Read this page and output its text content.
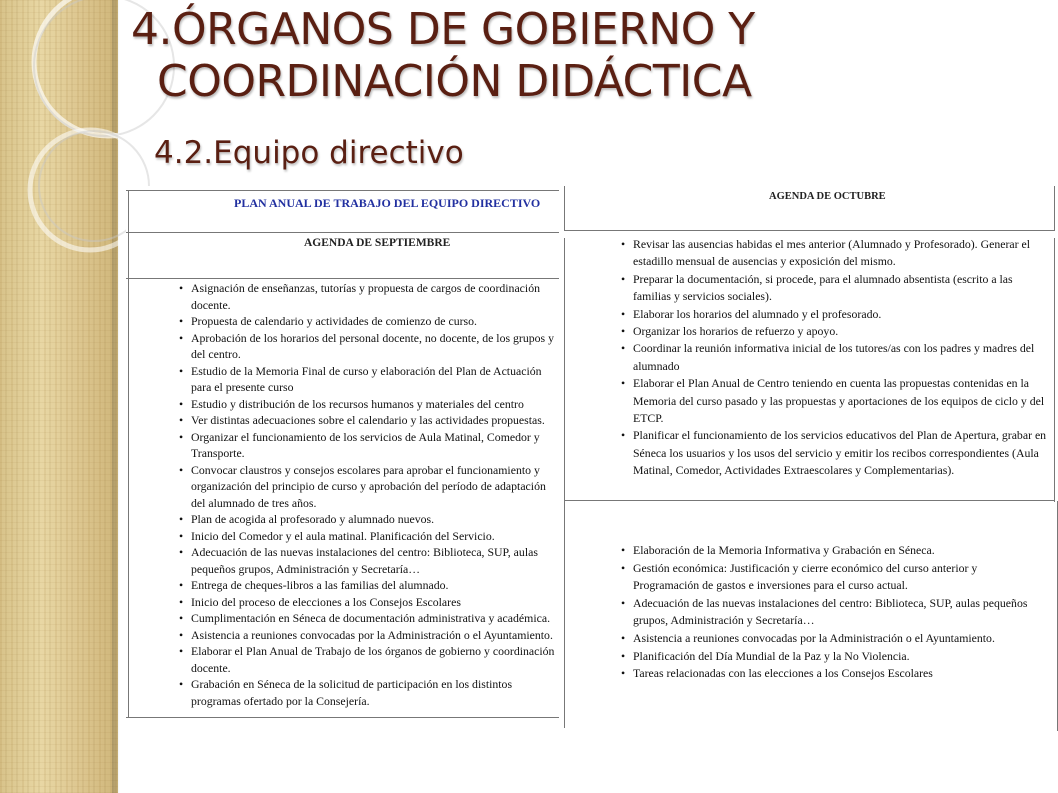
4.ÓRGANOS DE GOBIERNO Y
COORDINACIÓN DIDÁCTICA
4.2.Equipo directivo
PLAN ANUAL DE TRABAJO DEL EQUIPO DIRECTIVO
AGENDA DE SEPTIEMBRE
AGENDA DE OCTUBRE
• Asignación de enseñanzas, tutorías y propuesta de cargos de coordinación docente.
• Propuesta de calendario y actividades de comienzo de curso.
• Aprobación de los horarios del personal docente, no docente, de los grupos y del centro.
• Estudio de la Memoria Final de curso y elaboración del Plan de Actuación para el presente curso
• Estudio y distribución de los recursos humanos y materiales del centro
• Ver distintas adecuaciones sobre el calendario y las actividades propuestas.
• Organizar el funcionamiento de los servicios de Aula Matinal, Comedor y Transporte.
• Convocar claustros y consejos escolares para aprobar el funcionamiento y organización del principio de curso y aprobación del período de adaptación del alumnado de tres años.
• Plan de acogida al profesorado y alumnado nuevos.
• Inicio del Comedor y el aula matinal. Planificación del Servicio.
• Adecuación de las nuevas instalaciones del centro: Biblioteca, SUP, aulas pequeños grupos, Administración y Secretaría…
• Entrega de cheques-libros a las familias del alumnado.
• Inicio del proceso de elecciones a los Consejos Escolares
• Cumplimentación en Séneca de documentación administrativa y académica.
• Asistencia a reuniones convocadas por la Administración o el Ayuntamiento.
• Elaborar el Plan Anual de Trabajo de los órganos de gobierno y coordinación docente.
• Grabación en Séneca de la solicitud de participación en los distintos programas ofertado por la Consejería.
• Revisar las ausencias habidas el mes anterior (Alumnado y Profesorado). Generar el estadillo mensual de ausencias y exposición del mismo.
• Preparar la documentación, si procede, para el alumnado absentista (escrito a las familias y servicios sociales).
• Elaborar los horarios del alumnado y el profesorado.
• Organizar los horarios de refuerzo y apoyo.
• Coordinar la reunión informativa inicial de los tutores/as con los padres y madres del alumnado
• Elaborar el Plan Anual de Centro teniendo en cuenta las propuestas contenidas en la Memoria del curso pasado y las propuestas y aportaciones de los equipos de ciclo y del ETCP.
• Planificar el funcionamiento de los servicios educativos del Plan de Apertura, grabar en Séneca los usuarios y los usos del servicio y emitir los recibos correspondientes (Aula Matinal, Comedor, Actividades Extraescolares y Complementarias).
• Elaboración de la Memoria Informativa y Grabación en Séneca.
• Gestión económica: Justificación y cierre económico del curso anterior y Programación de gastos e inversiones para el curso actual.
• Adecuación de las nuevas instalaciones del centro: Biblioteca, SUP, aulas pequeños grupos, Administración y Secretaría…
• Asistencia a reuniones convocadas por la Administración o el Ayuntamiento.
• Planificación del Día Mundial de la Paz y la No Violencia.
• Tareas relacionadas con las elecciones a los Consejos Escolares
